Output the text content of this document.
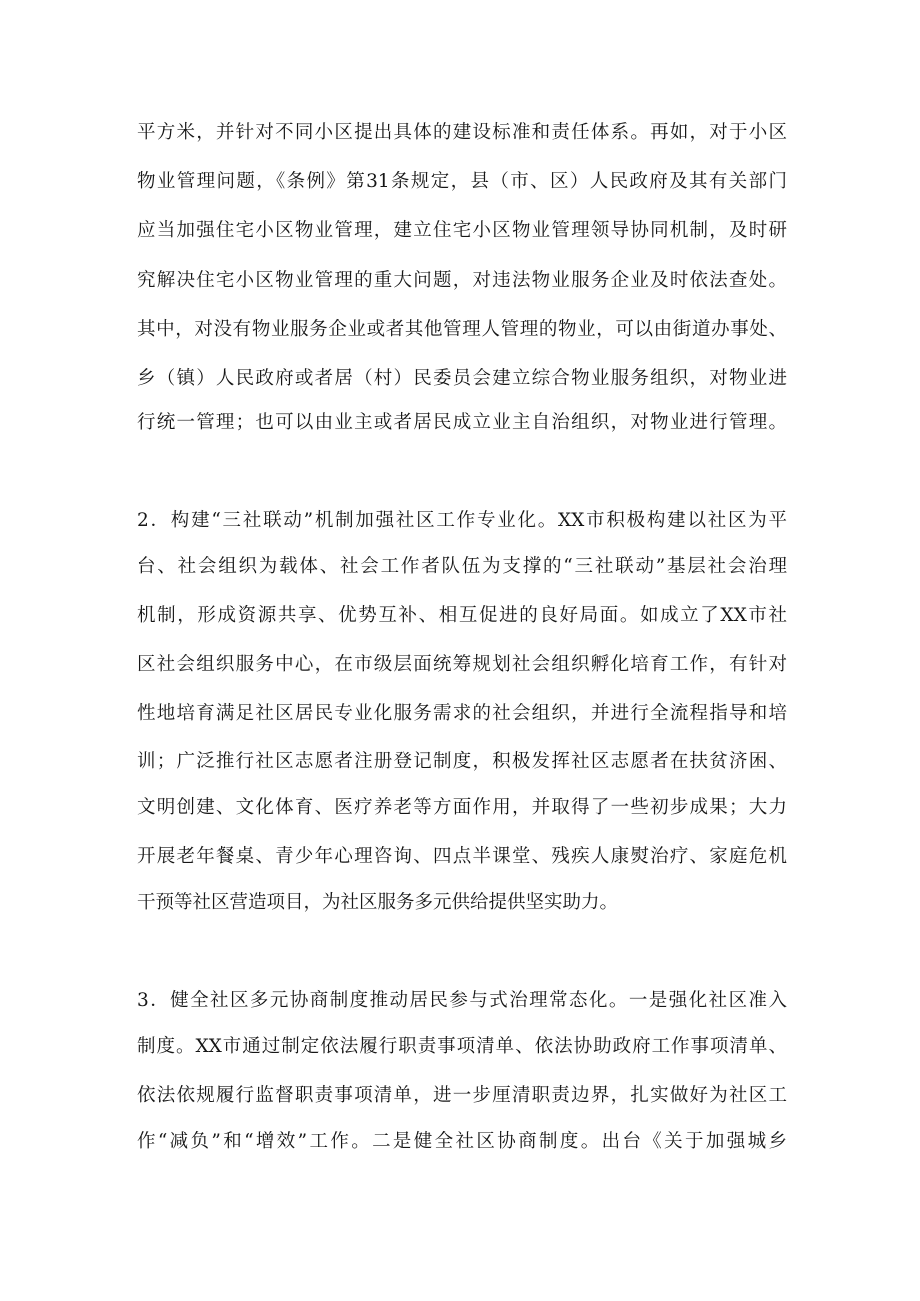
平方米，并针对不同小区提出具体的建设标准和责任体系。再如，对于小区
物业管理问题，《条例》第31条规定，县（市、区）人民政府及其有关部门
应当加强住宅小区物业管理，建立住宅小区物业管理领导协同机制，及时研
究解决住宅小区物业管理的重大问题，对违法物业服务企业及时依法查处。
其中，对没有物业服务企业或者其他管理人管理的物业，可以由街道办事处、
乡（镇）人民政府或者居（村）民委员会建立综合物业服务组织，对物业进
行统一管理；也可以由业主或者居民成立业主自治组织，对物业进行管理。
2．构建“三社联动”机制加强社区工作专业化。XX市积极构建以社区为平
台、社会组织为载体、社会工作者队伍为支撑的“三社联动”基层社会治理
机制，形成资源共享、优势互补、相互促进的良好局面。如成立了XX市社
区社会组织服务中心，在市级层面统筹规划社会组织孵化培育工作，有针对
性地培育满足社区居民专业化服务需求的社会组织，并进行全流程指导和培
训；广泛推行社区志愿者注册登记制度，积极发挥社区志愿者在扶贫济困、
文明创建、文化体育、医疗养老等方面作用，并取得了一些初步成果；大力
开展老年餐桌、青少年心理咨询、四点半课堂、残疾人康熨治疗、家庭危机
干预等社区营造项目，为社区服务多元供给提供坚实助力。
3．健全社区多元协商制度推动居民参与式治理常态化。一是强化社区准入
制度。XX市通过制定依法履行职责事项清单、依法协助政府工作事项清单、
依法依规履行监督职责事项清单，进一步厘清职责边界，扎实做好为社区工
作“减负”和“增效”工作。二是健全社区协商制度。出台《关于加强城乡
